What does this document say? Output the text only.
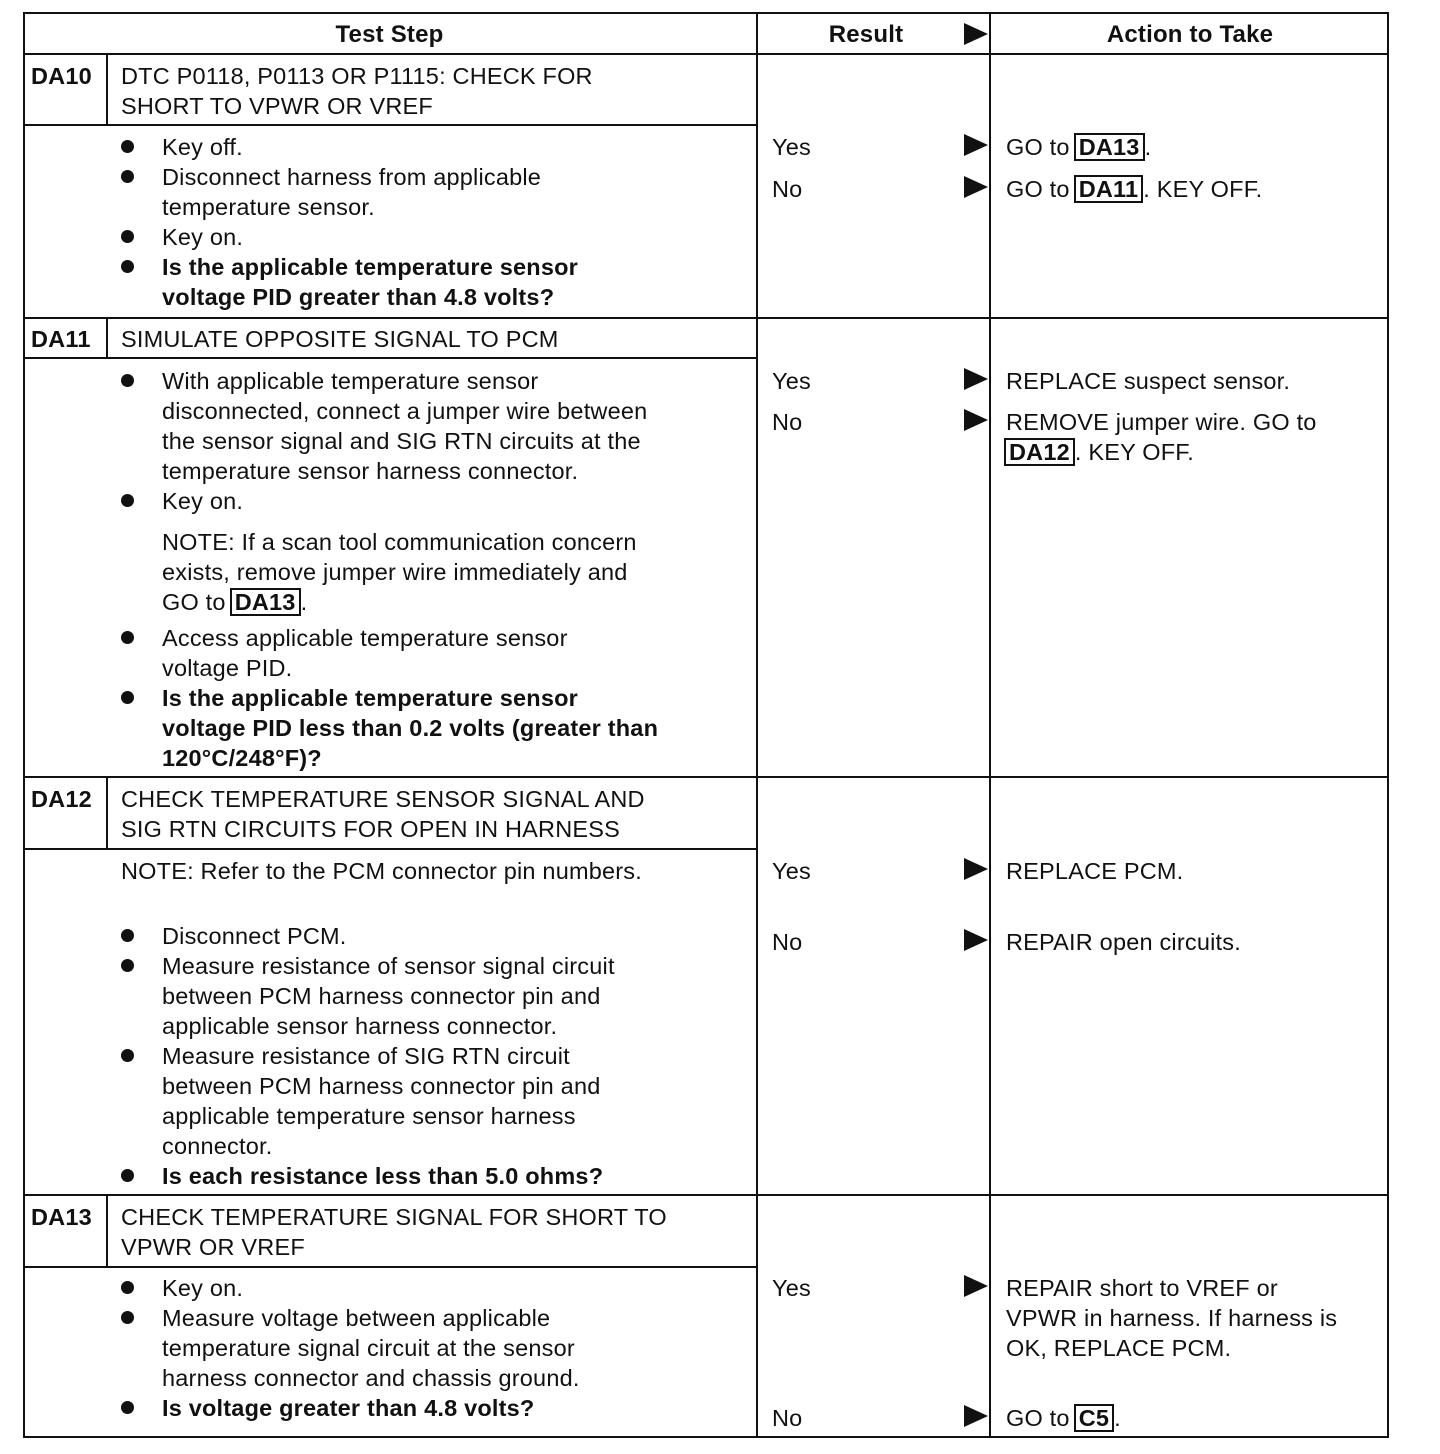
Test Step	Result	Action to Take
DA10 DTC P0118, P0113 OR P1115: CHECK FOR
SHORT TO VPWR OR VREF
Key off.
Disconnect harness from applicable
temperature sensor.
Key on.
Is the applicable temperature sensor
voltage PID greater than 4.8 volts?
Yes	GO to DA13 .
No	GO to DA11 . KEY OFF.
DA11 SIMULATE OPPOSITE SIGNAL TO PCM
With applicable temperature sensor
disconnected, connect a jumper wire between
the sensor signal and SIG RTN circuits at the
temperature sensor harness connector.
Key on.
NOTE: If a scan tool communication concern
exists, remove jumper wire immediately and
GO to DA13 .
Access applicable temperature sensor
voltage PID.
Is the applicable temperature sensor
voltage PID less than 0.2 volts (greater than
120°C/248°F)?
Yes	REPLACE suspect sensor.
No	REMOVE jumper wire. GO to
DA12 . KEY OFF.
DA12 CHECK TEMPERATURE SENSOR SIGNAL AND
SIG RTN CIRCUITS FOR OPEN IN HARNESS
NOTE: Refer to the PCM connector pin numbers.
Disconnect PCM.
Measure resistance of sensor signal circuit
between PCM harness connector pin and
applicable sensor harness connector.
Measure resistance of SIG RTN circuit
between PCM harness connector pin and
applicable temperature sensor harness
connector.
Is each resistance less than 5.0 ohms?
Yes	REPLACE PCM.
No	REPAIR open circuits.
DA13 CHECK TEMPERATURE SIGNAL FOR SHORT TO
VPWR OR VREF
Key on.
Measure voltage between applicable
temperature signal circuit at the sensor
harness connector and chassis ground.
Is voltage greater than 4.8 volts?
Yes	REPAIR short to VREF or
VPWR in harness. If harness is
OK, REPLACE PCM.
No	GO to C5 .
